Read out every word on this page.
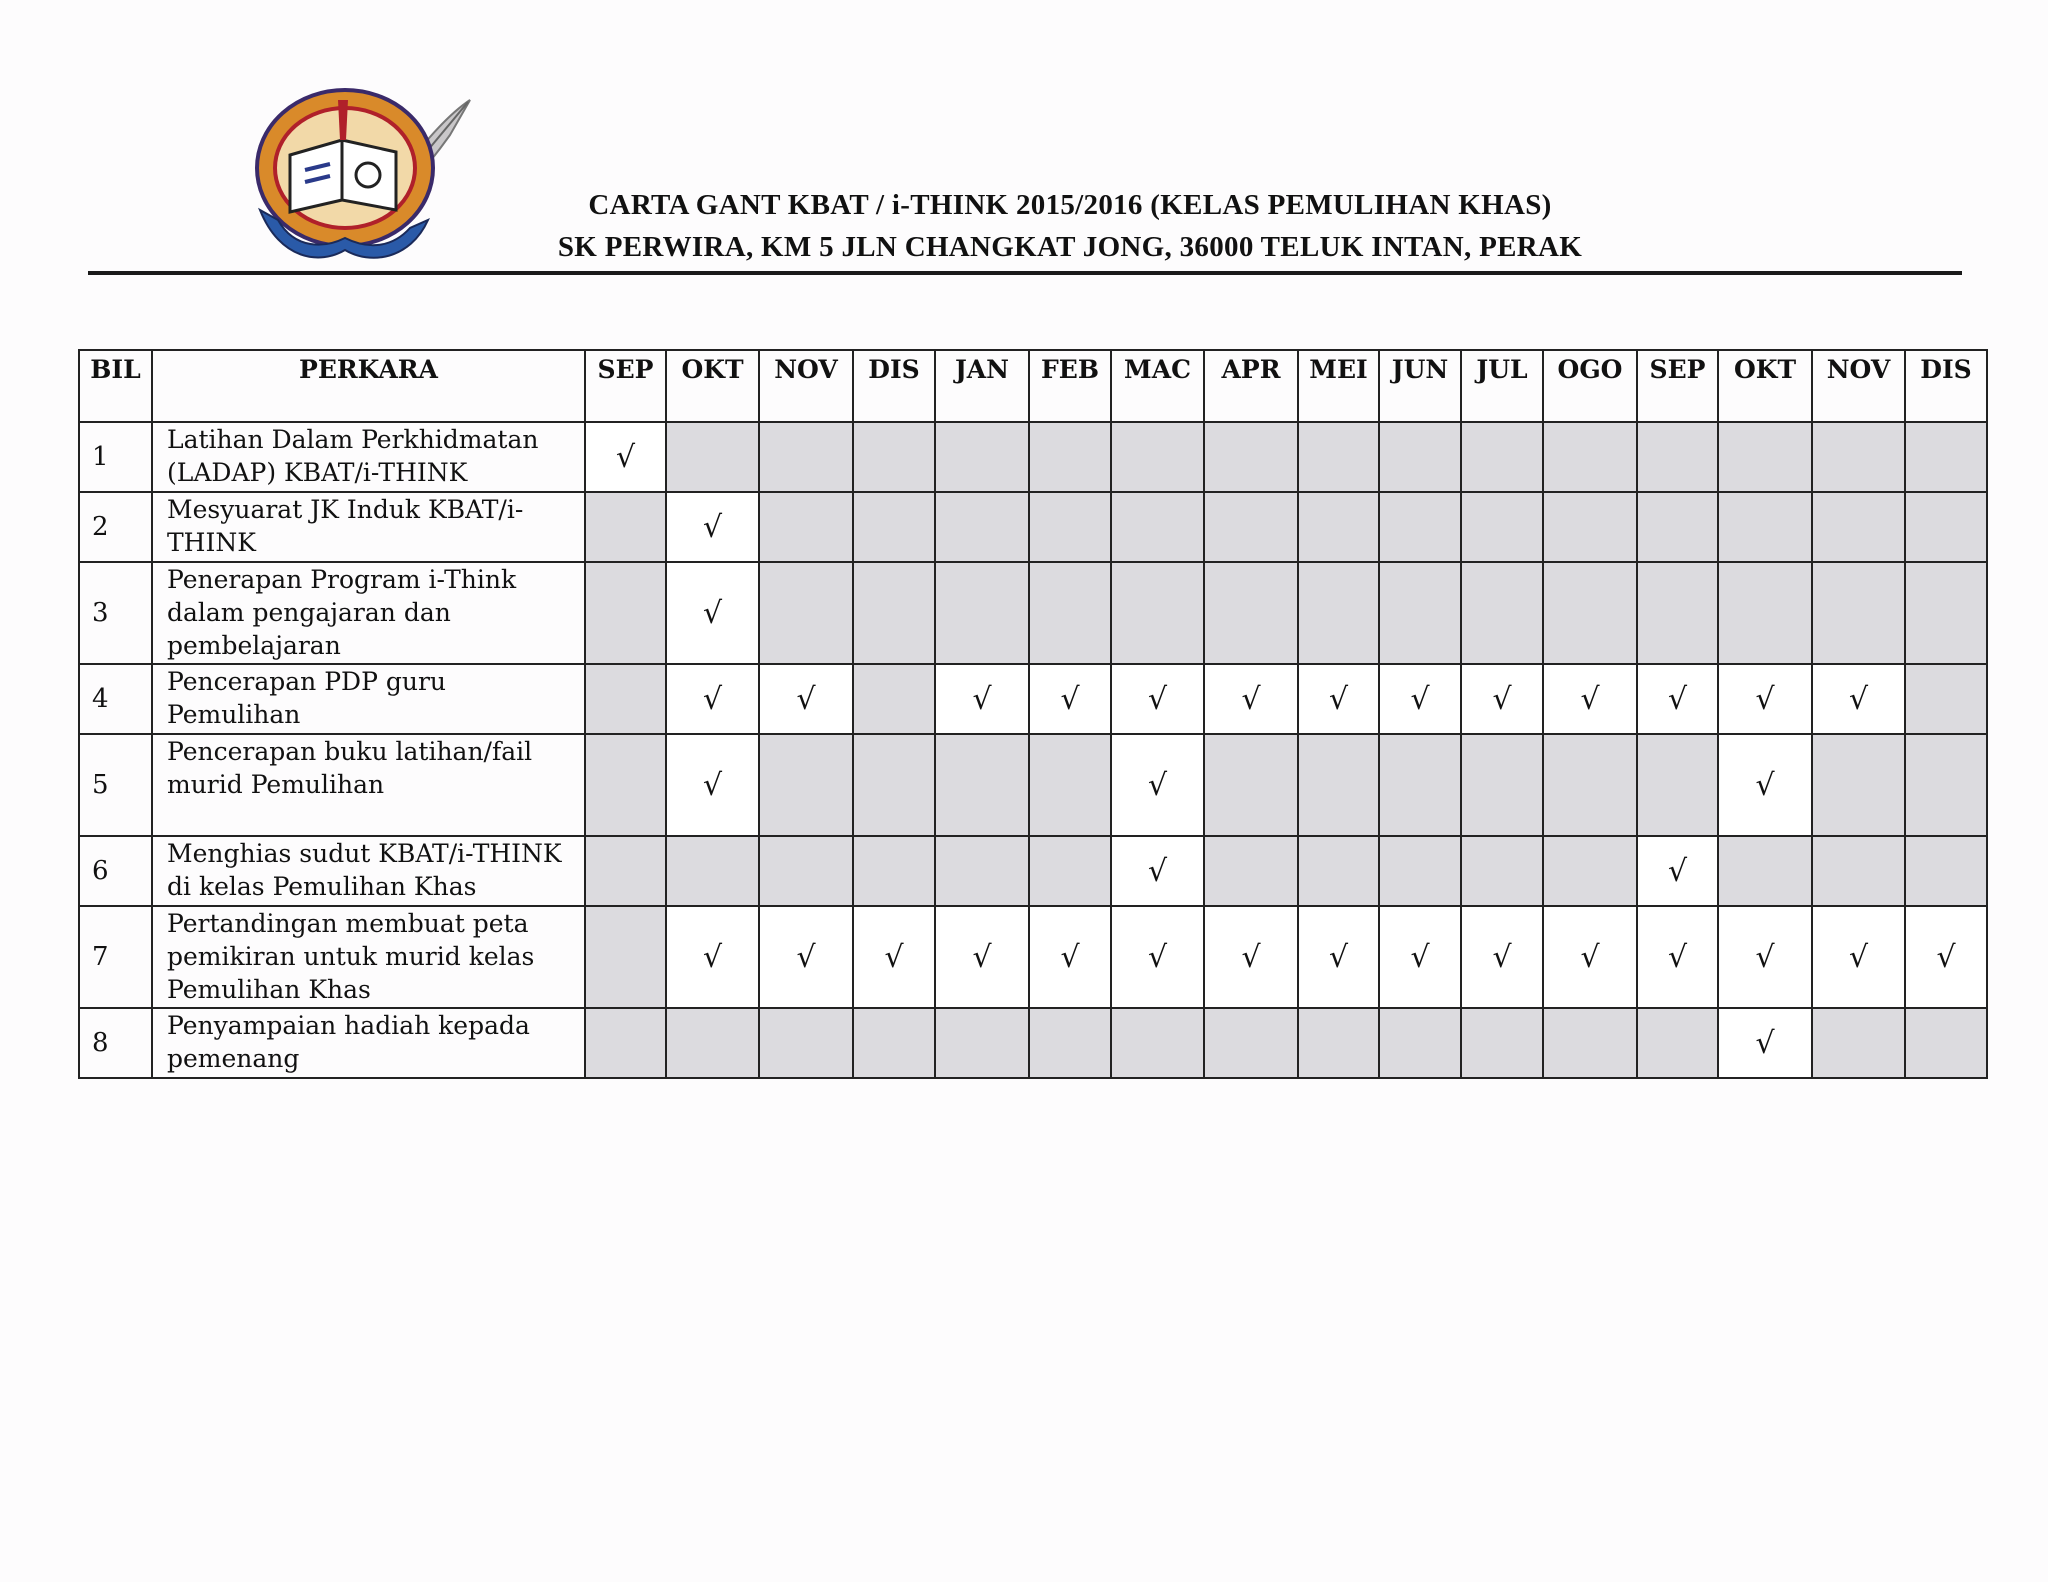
CARTA GANT KBAT / i-THINK 2015/2016 (KELAS PEMULIHAN KHAS)
SK PERWIRA, KM 5 JLN CHANGKAT JONG, 36000 TELUK INTAN, PERAK
BIL	PERKARA	SEP	OKT	NOV	DIS	JAN	FEB	MAC	APR	MEI	JUN	JUL	OGO	SEP	OKT	NOV	DIS
1	Latihan Dalam Perkhidmatan (LADAP) KBAT/i-THINK	√															
2	Mesyuarat JK Induk KBAT/i-THINK		√														
3	Penerapan Program i-Think dalam pengajaran dan pembelajaran		√														
4	Pencerapan PDP guru Pemulihan		√	√		√	√	√	√	√	√	√	√	√	√	√	
5	Pencerapan buku latihan/fail murid Pemulihan		√					√							√		
6	Menghias sudut KBAT/i-THINK di kelas Pemulihan Khas							√						√			
7	Pertandingan membuat peta pemikiran untuk murid kelas Pemulihan Khas		√	√	√	√	√	√	√	√	√	√	√	√	√	√	√
8	Penyampaian hadiah kepada pemenang														√		
